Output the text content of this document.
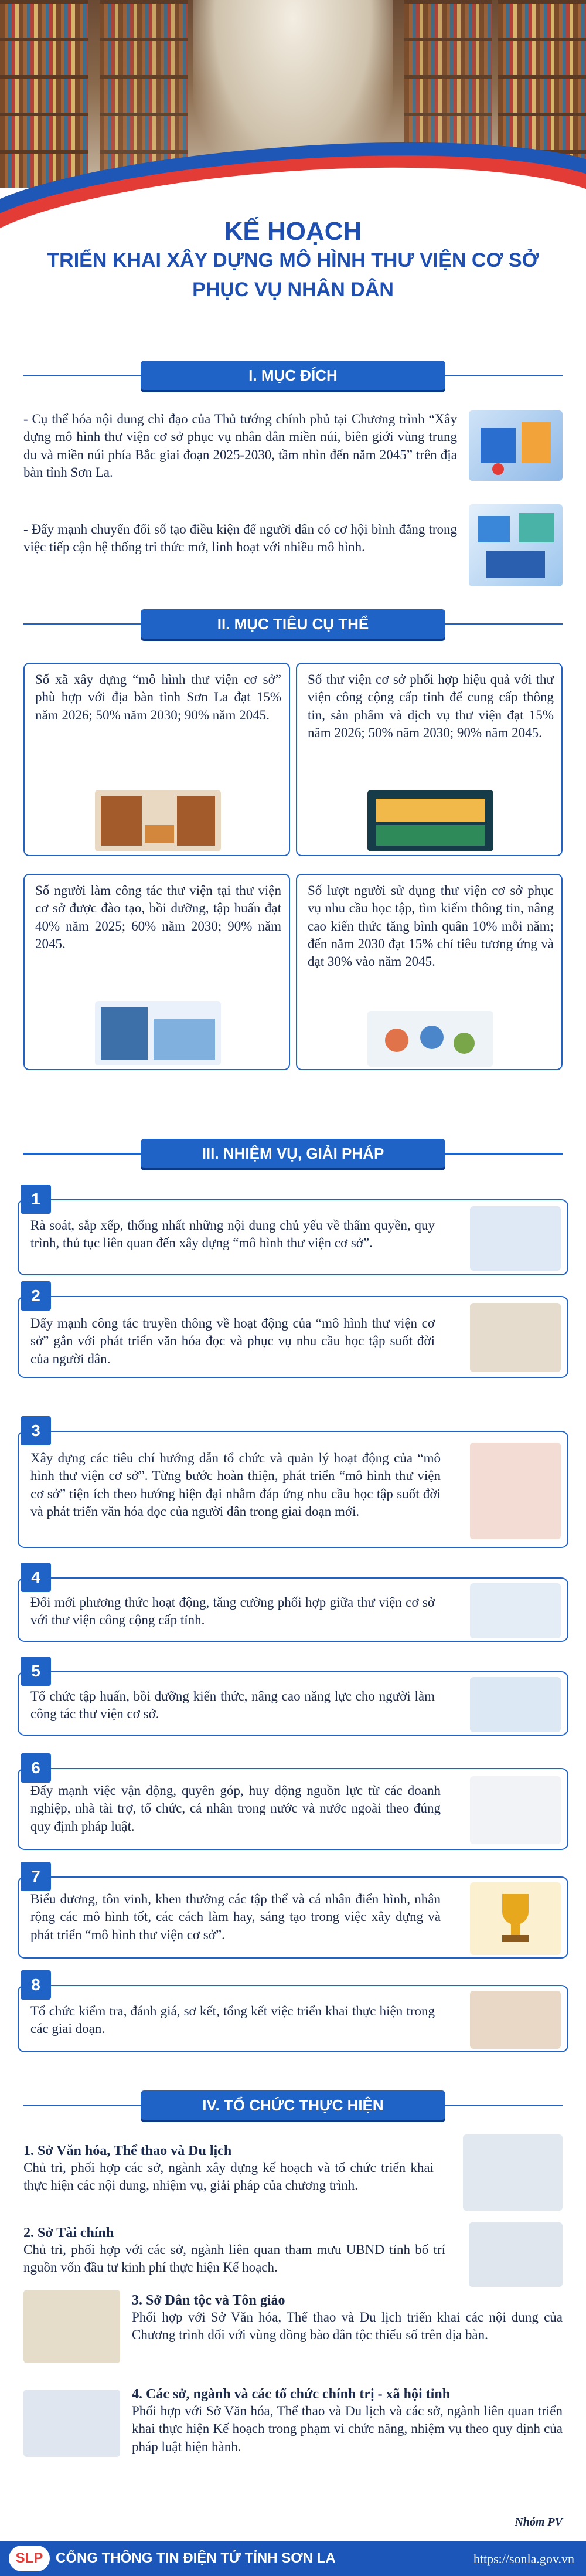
KẾ HOẠCH
TRIỂN KHAI XÂY DỰNG MÔ HÌNH THƯ VIỆN CƠ SỞ
PHỤC VỤ NHÂN DÂN
I. MỤC ĐÍCH
- Cụ thể hóa nội dung chỉ đạo của Thủ tướng chính phủ tại Chương trình “Xây dựng mô hình thư viện cơ sở phục vụ nhân dân miền núi, biên giới vùng trung du và miền núi phía Bắc giai đoạn 2025-2030, tầm nhìn đến năm 2045” trên địa bàn tỉnh Sơn La.
- Đẩy mạnh chuyển đổi số tạo điều kiện để người dân có cơ hội bình đẳng trong việc tiếp cận hệ thống tri thức mở, linh hoạt với nhiều mô hình.
II. MỤC TIÊU CỤ THỂ
Số xã xây dựng “mô hình thư viện cơ sở” phù hợp với địa bàn tỉnh Sơn La đạt 15% năm 2026; 50% năm 2030; 90% năm 2045.
Số thư viện cơ sở phối hợp hiệu quả với thư viện công cộng cấp tỉnh để cung cấp thông tin, sản phẩm và dịch vụ thư viện đạt 15% năm 2026; 50% năm 2030; 90% năm 2045.
Số người làm công tác thư viện tại thư viện cơ sở được đào tạo, bồi dưỡng, tập huấn đạt 40% năm 2025; 60% năm 2030; 90% năm 2045.
Số lượt người sử dụng thư viện cơ sở phục vụ nhu cầu học tập, tìm kiếm thông tin, nâng cao kiến thức tăng bình quân 10% mỗi năm; đến năm 2030 đạt 15% chỉ tiêu tương ứng và đạt 30% vào năm 2045.
III. NHIỆM VỤ, GIẢI PHÁP
Rà soát, sắp xếp, thống nhất những nội dung chủ yếu về thẩm quyền, quy trình, thủ tục liên quan đến xây dựng “mô hình thư viện cơ sở”.
1
Đẩy mạnh công tác truyền thông về hoạt động của “mô hình thư viện cơ sở” gắn với phát triển văn hóa đọc và phục vụ nhu cầu học tập suốt đời của người dân.
2
Xây dựng các tiêu chí hướng dẫn tổ chức và quản lý hoạt động của “mô hình thư viện cơ sở”. Từng bước hoàn thiện, phát triển “mô hình thư viện cơ sở” tiện ích theo hướng hiện đại nhằm đáp ứng nhu cầu học tập suốt đời và phát triển văn hóa đọc của người dân trong giai đoạn mới.
3
Đổi mới phương thức hoạt động, tăng cường phối hợp giữa thư viện cơ sở với thư viện công cộng cấp tỉnh.
4
Tổ chức tập huấn, bồi dưỡng kiến thức, nâng cao năng lực cho người làm công tác thư viện cơ sở.
5
Đẩy mạnh việc vận động, quyên góp, huy động nguồn lực từ các doanh nghiệp, nhà tài trợ, tổ chức, cá nhân trong nước và nước ngoài theo đúng quy định pháp luật.
6
Biểu dương, tôn vinh, khen thưởng các tập thể và cá nhân điển hình, nhân rộng các mô hình tốt, các cách làm hay, sáng tạo trong việc xây dựng và phát triển “mô hình thư viện cơ sở”.
7
Tổ chức kiểm tra, đánh giá, sơ kết, tổng kết việc triển khai thực hiện trong các giai đoạn.
8
IV. TỔ CHỨC THỰC HIỆN
1. Sở Văn hóa, Thể thao và Du lịch
Chủ trì, phối hợp các sở, ngành xây dựng kế hoạch và tổ chức triển khai thực hiện các nội dung, nhiệm vụ, giải pháp của chương trình.
2. Sở Tài chính
Chủ trì, phối hợp với các sở, ngành liên quan tham mưu UBND tỉnh bố trí nguồn vốn đầu tư kinh phí thực hiện Kế hoạch.
3. Sở Dân tộc và Tôn giáo
Phối hợp với Sở Văn hóa, Thể thao và Du lịch triển khai các nội dung của Chương trình đối với vùng đồng bào dân tộc thiểu số trên địa bàn.
4. Các sở, ngành và các tổ chức chính trị - xã hội tỉnh
Phối hợp với Sở Văn hóa, Thể thao và Du lịch và các sở, ngành liên quan triển khai thực hiện Kế hoạch trong phạm vi chức năng, nhiệm vụ theo quy định của pháp luật hiện hành.
Nhóm PV
SLP CỔNG THÔNG TIN ĐIỆN TỬ TỈNH SƠN LA	https://sonla.gov.vn
